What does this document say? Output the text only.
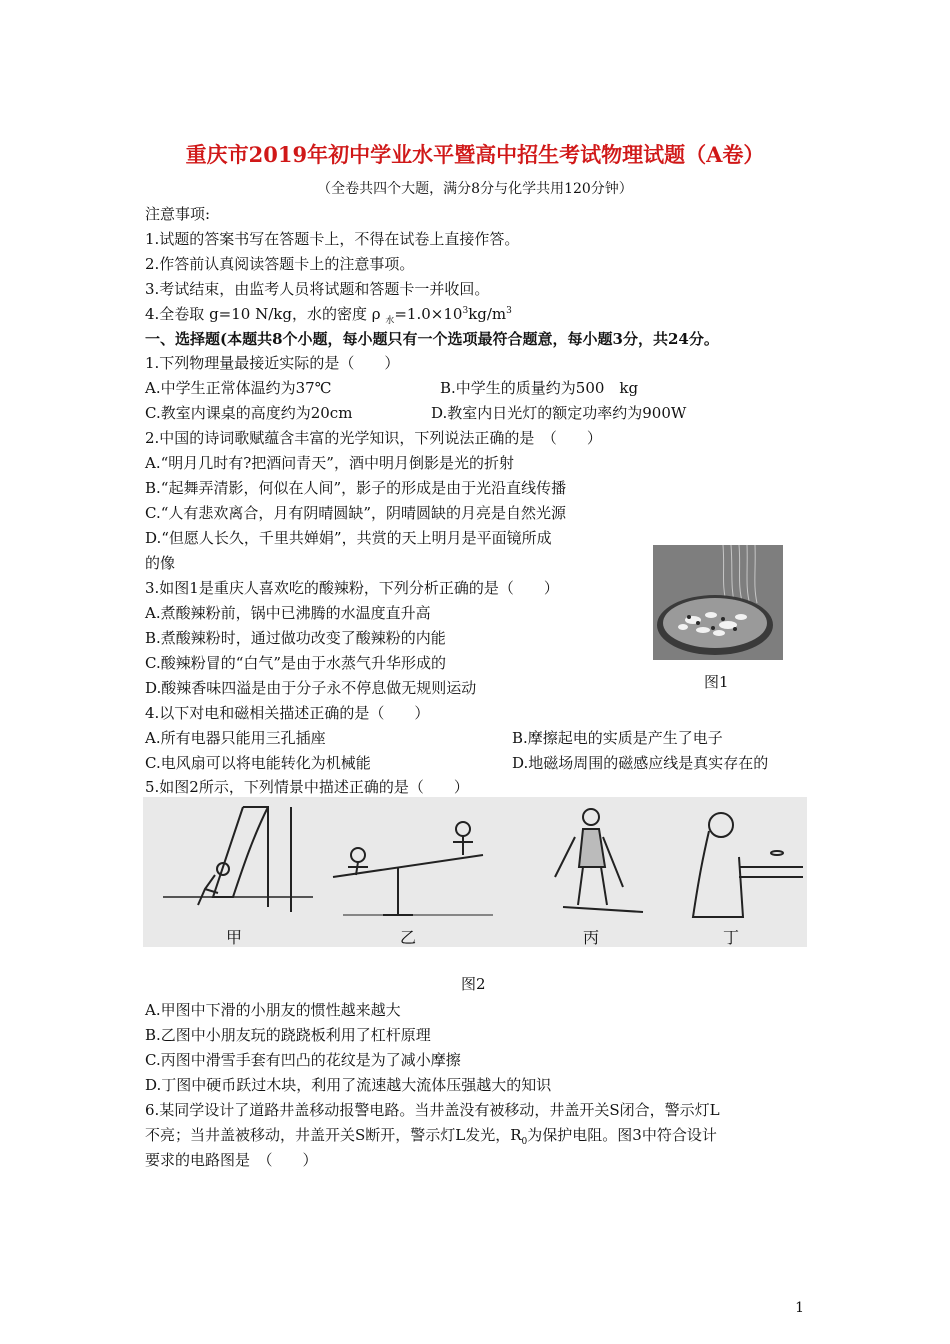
重庆市2019年初中学业水平暨高中招生考试物理试题（A卷）
（全卷共四个大题，满分8分与化学共用120分钟）
注意事项:
1.试题的答案书写在答题卡上，不得在试卷上直接作答。
2.作答前认真阅读答题卡上的注意事项。
3.考试结束，由监考人员将试题和答题卡一并收回。
4.全卷取 g=10 N/kg，水的密度 ρ $_水=1.0\times 10^3kg/m^3$
一、选择题(本题共8个小题，每小题只有一个选项最符合题意，每小题3分，共24分。
1.下列物理量最接近实际的是（　　）
A.中学生正常体温约为37℃	B.中学生的质量约为500　kg
C.教室内课桌的高度约为20cm	D.教室内日光灯的额定功率约为900W
2.中国的诗词歌赋蕴含丰富的光学知识，下列说法正确的是　（　　）
A.“明月几时有?把酒问青天”，酒中明月倒影是光的折射
B.“起舞弄清影，何似在人间”，影子的形成是由于光沿直线传播
C.“人有悲欢离合，月有阴晴圆缺”，阴晴圆缺的月亮是自然光源
D.“但愿人长久，千里共婵娟”，共赏的天上明月是平面镜所成
的像
3.如图1是重庆人喜欢吃的酸辣粉，下列分析正确的是（　　）
A.煮酸辣粉前，锅中已沸腾的水温度直升高
B.煮酸辣粉时，通过做功改变了酸辣粉的内能
C.酸辣粉冒的“白气”是由于水蒸气升华形成的
D.酸辣香味四溢是由于分子永不停息做无规则运动	图1
4.以下对电和磁相关描述正确的是（　　）
A.所有电器只能用三孔插座	B.摩擦起电的实质是产生了电子
C.电风扇可以将电能转化为机械能	D.地磁场周围的磁感应线是真实存在的
5.如图2所示，下列情景中描述正确的是（　　）
甲	乙	丙	丁
图2
A.甲图中下滑的小朋友的惯性越来越大
B.乙图中小朋友玩的跷跷板利用了杠杆原理
C.丙图中滑雪手套有凹凸的花纹是为了减小摩擦
D.丁图中硬币跃过木块，利用了流速越大流体压强越大的知识
6.某同学设计了道路井盖移动报警电路。当井盖没有被移动，井盖开关S闭合，警示灯L
不亮；当井盖被移动，井盖开关S断开，警示灯L发光，$R_0$为保护电阻。图3中符合设计
要求的电路图是　（　　）
1
